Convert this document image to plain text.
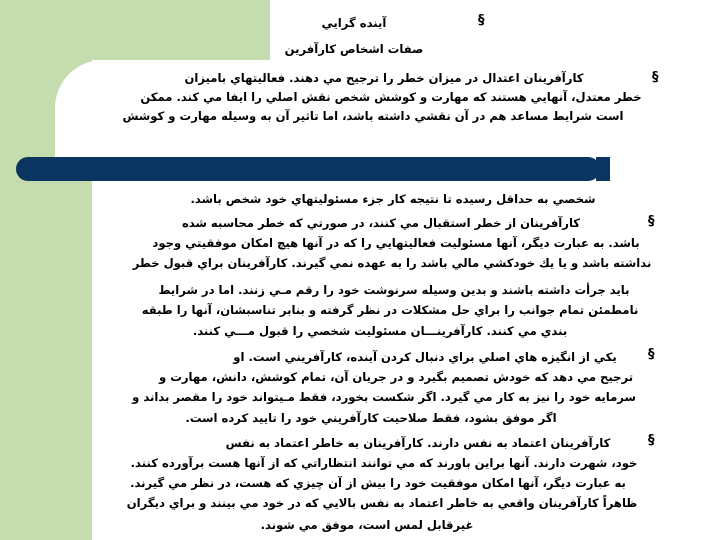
§
آينده گرايي
صفات اشخاص كارآفرين
§
كارآفرينان اعتدال در ميزان خطر را ترجيح مي دهند. فعاليتهاي باميزان
خطر معتدل، آنهايي هستند كه مهارت و كوشش شخص نقش اصلي را ايفا مي كند. ممكن
است شرايط مساعد هم در آن نقشي داشته باشد، اما تاثير آن به وسيله مهارت و كوشش
شخصي به حداقل رسيده تا نتيجه كار جزء مسئوليتهاي خود شخص باشد.
§
كارآفرينان از خطر استقبال مي كنند، در صورتي كه خطر محاسبه شده
باشد. به عبارت ديگر، آنها مسئوليت فعاليتهايي را كه در آنها هيچ امكان موفقيتي وجود
نداشته باشد و يا يك خودكشي مالي باشد را به عهده نمي گيرند. كارآفرينان براي قبول خطر
بايد جرأت داشته باشند و بدين وسيله سرنوشت خود را رقم مـي زنند. اما در شرايط
نامطمئن تمام جوانب را براي حل مشكلات در نظر گرفته و بنابر تناسبشان، آنها را طبقه
بندي مي كنند. كارآفرينـــان مسئوليت شخصي را قبول مـــي كنند.
§
يكي از انگيزه هاي اصلي براي دنبال كردن آينده، كارآفريني است. او
ترجيح مي دهد كه خودش تصميم بگيرد و در جريان آن، تمام كوشش، دانش، مهارت و
سرمايه خود را نيز به كار مي گيرد. اگر شكست بخورد، فقط مـيتواند خود را مقصر بداند و
اگر موفق بشود، فقط صلاحيت كارآفريني خود را تاييد كرده است.
§
كارآفرينان اعتماد به نفس دارند. كارآفرينان به خاطر اعتماد به نفس
خود، شهرت دارند. آنها براين باورند كه مي توانند انتظاراتي كه از آنها هست برآورده كنند.
به عبارت ديگر، آنها امكان موفقيت خود را بيش از آن چيزي كه هست، در نظر مي گيرند.
ظاهراً كارآفرينان واقعي به خاطر اعتماد به نفس بالايي كه در خود مي بينند و براي ديگران
غيرقابل لمس است، موفق مي شوند.
